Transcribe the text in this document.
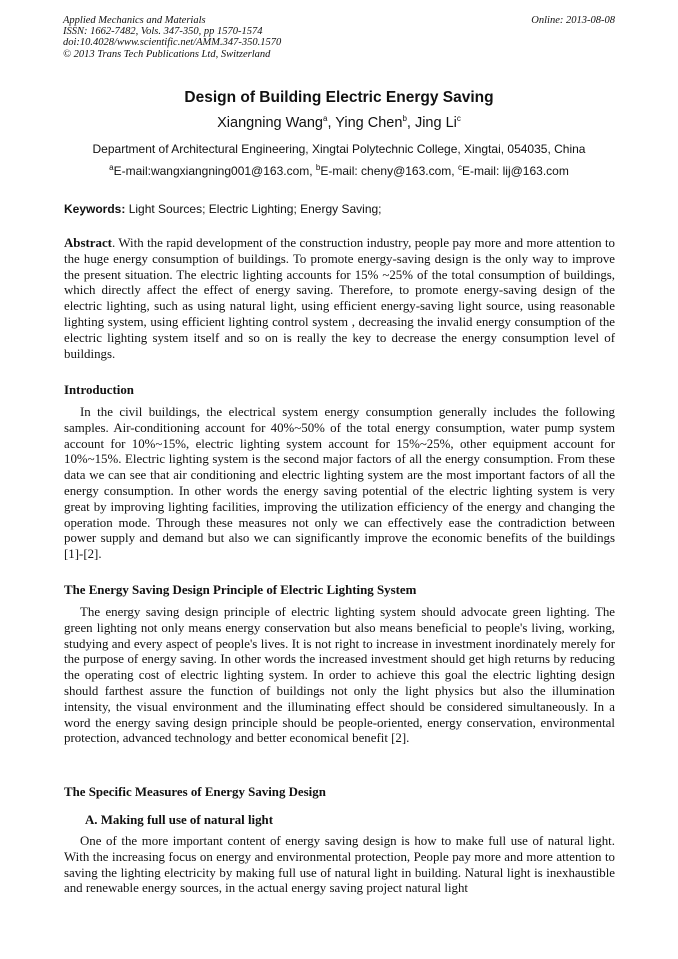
Applied Mechanics and Materials
ISSN: 1662-7482, Vols. 347-350, pp 1570-1574
doi:10.4028/www.scientific.net/AMM.347-350.1570
© 2013 Trans Tech Publications Ltd, Switzerland
Online: 2013-08-08
Design of Building Electric Energy Saving
Xiangning Wang$^a$, Ying Chen$^b$, Jing Li$^c$
Department of Architectural Engineering, Xingtai Polytechnic College, Xingtai, 054035, China
$^a$E-mail:wangxiangning001@163.com, $^b$E-mail: cheny@163.com, $^c$E-mail: lij@163.com
Keywords: Light Sources; Electric Lighting; Energy Saving;

Abstract. With the rapid development of the construction industry, people pay more and more attention to the huge energy consumption of buildings. To promote energy-saving design is the only way to improve the present situation. The electric lighting accounts for 15% ~25% of the total consumption of buildings, which directly affect the effect of energy saving. Therefore, to promote energy-saving design of the electric lighting, such as using natural light, using efficient energy-saving light source, using reasonable lighting system, using efficient lighting control system , decreasing the invalid energy consumption of the electric lighting system itself and so on is really the key to decrease the energy consumption level of buildings.

Introduction

In the civil buildings, the electrical system energy consumption generally includes the following samples. Air-conditioning account for 40%~50% of the total energy consumption, water pump system account for 10%~15%, electric lighting system account for 15%~25%, other equipment account for 10%~15%. Electric lighting system is the second major factors of all the energy consumption. From these data we can see that air conditioning and electric lighting system are the most important factors of all the energy consumption. In other words the energy saving potential of the electric lighting system is very great by improving lighting facilities, improving the utilization efficiency of the energy and changing the operation mode. Through these measures not only we can effectively ease the contradiction between power supply and demand but also we can significantly improve the economic benefits of the buildings [1]-[2].

The Energy Saving Design Principle of Electric Lighting System

The energy saving design principle of electric lighting system should advocate green lighting. The green lighting not only means energy conservation but also means beneficial to people's living, working, studying and every aspect of people's lives. It is not right to increase in investment inordinately merely for the purpose of energy saving. In other words the increased investment should get high returns by reducing the operating cost of electric lighting system. In order to achieve this goal the electric lighting design should farthest assure the function of buildings not only the light physics but also the illumination intensity, the visual environment and the illuminating effect should be considered simultaneously. In a word the energy saving design principle should be people-oriented, energy conservation, environmental protection, advanced technology and better economical benefit [2].

The Specific Measures of Energy Saving Design
A. Making full use of natural light

One of the more important content of energy saving design is how to make full use of natural light. With the increasing focus on energy and environmental protection, People pay more and more attention to saving the lighting electricity by making full use of natural light in building. Natural light is inexhaustible and renewable energy sources, in the actual energy saving project natural light
